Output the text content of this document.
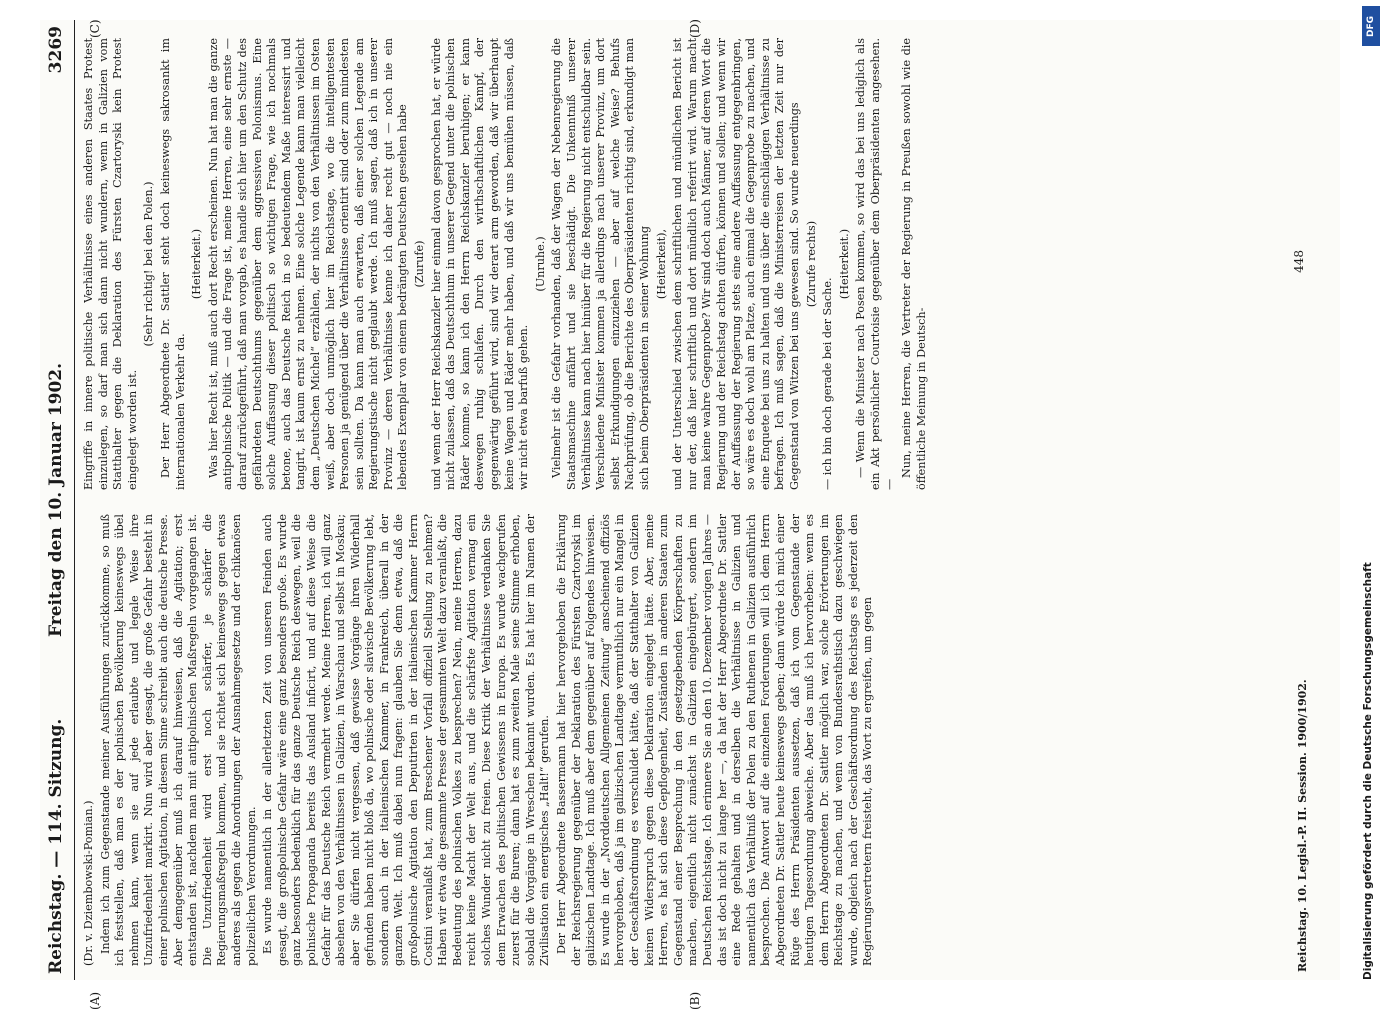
Reichstag. — 114. Sitzung.
Freitag den 10. Januar 1902.
3269
(A)	(B)
(C)	(D)

(Dr. v. Dziembowski-Pomian.) Indem ich zum Gegenstande meiner Ausführungen zurückkomme, so muß ich feststellen, daß man es der polnischen Bevölkerung keineswegs übel nehmen kann, wenn sie auf jede erlaubte und legale Weise ihre Unzufriedenheit markirt. Nun wird aber gesagt, die große Gefahr besteht in einer polnischen Agitation, in diesem Sinne schreibt auch die deutsche Presse. Aber demgegenüber muß ich darauf hinweisen, daß die Agitation; erst entstanden ist, nachdem man mit antipolnischen Maßregeln vorgegangen ist. Die Unzufriedenheit wird erst noch schärfer, je schärfer die Regierungsmaßregeln kommen, und sie richtet sich keineswegs gegen etwas anderes als gegen die Anordnungen der Ausnahmegesetze und der chikanösen polizeilichen Verordnungen. Es wurde namentlich in der allerletzten Zeit von unseren Feinden auch gesagt, die großpolnische Gefahr wäre eine ganz besonders große. Es wurde ganz besonders bedenklich für das ganze Deutsche Reich deswegen, weil die polnische Propaganda bereits das Ausland inficirt, und auf diese Weise die Gefahr für das Deutsche Reich vermehrt werde. Meine Herren, ich will ganz absehen von den Verhältnissen in Galizien, in Warschau und selbst in Moskau; aber Sie dürfen nicht vergessen, daß gewisse Vorgänge ihren Widerhall gefunden haben nicht bloß da, wo polnische oder slavische Bevölkerung lebt, sondern auch in der italienischen Kammer, in Frankreich, überall in der ganzen Welt. Ich muß dabei nun fragen: glauben Sie denn etwa, daß die großpolnische Agitation den Deputirten in der italienischen Kammer Herrn Costini veranlaßt hat, zum Breschener Vorfall offiziell Stellung zu nehmen? Haben wir etwa die gesammte Presse der gesammten Welt dazu veranlaßt, die Bedeutung des polnischen Volkes zu besprechen? Nein, meine Herren, dazu reicht keine Macht der Welt aus, und die schärfste Agitation vermag ein solches Wunder nicht zu freien. Diese Kritik der Verhältnisse verdanken Sie dem Erwachen des politischen Gewissens in Europa. Es wurde wachgerufen zuerst für die Buren; dann hat es zum zweiten Male seine Stimme erhoben, sobald die Vorgänge in Wreschen bekannt wurden. Es hat hier im Namen der Zivilisation ein energisches „Halt!“ gerufen. Der Herr Abgeordnete Bassermann hat hier hervorgehoben die Erklärung der Reichsregierung gegenüber der Deklaration des Fürsten Czartoryski im galizischen Landtage. Ich muß aber dem gegenüber auf Folgendes hinweisen. Es wurde in der „Norddeutschen Allgemeinen Zeitung“ anscheinend offiziös hervorgehoben, daß ja im galizischen Landtage vermuthlich nur ein Mangel in der Geschäftsordnung es verschuldet hätte, daß der Statthalter von Galizien keinen Widerspruch gegen diese Deklaration eingelegt hätte. Aber, meine Herren, es hat sich diese Gepflogenheit, Zuständen in anderen Staaten zum Gegenstand einer Besprechung in den gesetzgebenden Körperschaften zu machen, eigentlich nicht zunächst in Galizien eingebürgert, sondern im Deutschen Reichstage. Ich erinnere Sie an den 10. Dezember vorigen Jahres — das ist doch nicht zu lange her —, da hat der Herr Abgeordnete Dr. Sattler eine Rede gehalten und in derselben die Verhältnisse in Galizien und namentlich das Verhältniß der Polen zu den Ruthenen in Galizien ausführlich besprochen. Die Antwort auf die einzelnen Forderungen will ich dem Herrn Abgeordneten Dr. Sattler heute keineswegs geben; dann würde ich mich einer Rüge des Herrn Präsidenten aussetzen, daß ich vom Gegenstande der heutigen Tagesordnung abweiche. Aber das muß ich hervorheben: wenn es dem Herrn Abgeordneten Dr. Sattler möglich war, solche Erörterungen im Reichstage zu machen, und wenn von Bundesrathstisch dazu geschwiegen wurde, obgleich nach der Geschäftsordnung des Reichstags es jederzeit den Regierungsvertretern freisteht, das Wort zu ergreifen, um gegen

Eingriffe in innere politische Verhältnisse eines anderen Staates Protest einzulegen, so darf man sich dann nicht wundern, wenn in Galizien vom Statthalter gegen die Deklaration des Fürsten Czartoryski kein Protest eingelegt worden ist.

(Sehr richtig! bei den Polen.) Der Herr Abgeordnete Dr. Sattler steht doch keineswegs sakrosankt im internationalen Verkehr da.

(Heiterkeit.) Was hier Recht ist, muß auch dort Recht erscheinen. Nun hat man die ganze antipolnische Politik — und die Frage ist, meine Herren, eine sehr ernste — darauf zurückgeführt, daß man vorgab, es handle sich hier um den Schutz des gefährdeten Deutschthums gegenüber dem aggressiven Polonismus. Eine solche Auffassung dieser politisch so wichtigen Frage, wie ich nochmals betone, auch das Deutsche Reich in so bedeutendem Maße interessirt und tangirt, ist kaum ernst zu nehmen. Eine solche Legende kann man vielleicht dem „Deutschen Michel“ erzählen, der nichts von den Verhältnissen im Osten weiß, aber doch unmöglich hier im Reichstage, wo die intelligentesten Personen ja genügend über die Verhältnisse orientirt sind oder zum mindesten sein sollten. Da kann man auch erwarten, daß einer solchen Legende am Regierungstische nicht geglaubt werde. Ich muß sagen, daß ich in unserer Provinz — deren Verhältnisse kenne ich daher recht gut — noch nie ein lebendes Exemplar von einem bedrängten Deutschen gesehen habe (Zurufe) und wenn der Herr Reichskanzler hier einmal davon gesprochen hat, er würde nicht zulassen, daß das Deutschthum in unserer Gegend unter die polnischen Räder komme, so kann ich den Herrn Reichskanzler beruhigen; er kann deswegen ruhig schlafen. Durch den wirthschaftlichen Kampf, der gegenwärtig geführt wird, sind wir derart arm geworden, daß wir überhaupt keine Wagen und Räder mehr haben, und daß wir uns bemühen müssen, daß wir nicht etwa barfuß gehen.

(Unruhe.) Vielmehr ist die Gefahr vorhanden, daß der Wagen der Nebenregierung die Staatsmaschine anfährt und sie beschädigt. Die Unkenntniß unserer Verhältnisse kann nach hier hinüber für die Regierung nicht entschuldbar sein. Verschiedene Minister kommen ja allerdings nach unserer Provinz, um dort selbst Erkundigungen einzuziehen — aber auf welche Weise? Behufs Nachprüfung, ob die Berichte des Oberpräsidenten richtig sind, erkundigt man sich beim Oberpräsidenten in seiner Wohnung (Heiterkeit), und der Unterschied zwischen dem schriftlichen und mündlichen Bericht ist nur der, daß hier schriftlich und dort mündlich referirt wird. Warum macht man keine wahre Gegenprobe? Wir sind doch auch Männer, auf deren Wort die Regierung und der Reichstag achten dürfen, können und sollen; und wenn wir der Auffassung der Regierung stets eine andere Auffassung entgegenbringen, so wäre es doch wohl am Platze, auch einmal die Gegenprobe zu machen, und eine Enquete bei uns zu halten und uns über die einschlägigen Verhältnisse zu befragen. Ich muß sagen, daß die Ministerreisen der letzten Zeit nur der Gegenstand von Witzen bei uns gewesen sind. So wurde neuerdings (Zurufe rechts)

— ich bin doch gerade bei der Sache.

(Heiterkeit.) — Wenn die Minister nach Posen kommen, so wird das bei uns lediglich als ein Akt persönlicher Courtoisie gegenüber dem Oberpräsidenten angesehen. —

Nun, meine Herren, die Vertreter der Regierung in Preußen sowohl wie die öffentliche Meinung in Deutsch-

Reichstag. 10. Legisl.-P. II. Session. 1900/1902.
448
Digitalisierung gefördert durch die Deutsche Forschungsgemeinschaft
DFG
